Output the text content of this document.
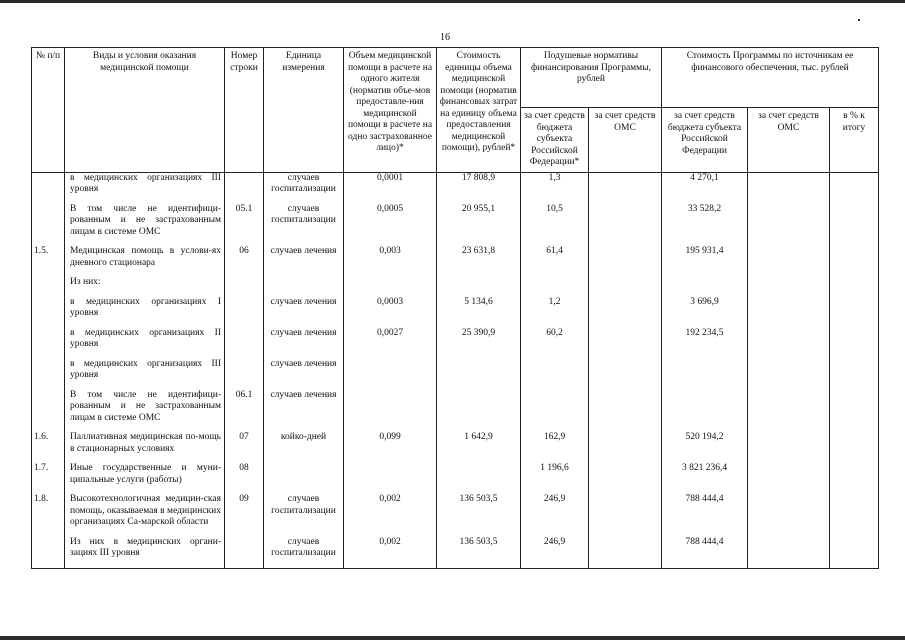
16
№ п/п	Виды и условия оказания медицинской помощи	Номер строки	Единица измерения	Объем медицинской помощи в расчете на одного жителя (норматив объе-мов предоставле-ния медицинской помощи в расчете на одно застрахованное лицо)*	Стоимость единицы объема медицинской помощи (норматив финансовых затрат на единицу объема предоставления медицинской помощи), рублей*	Подушевые нормативы финансирования Программы, рублей		Стоимость Программы по источникам ее финансового обеспечения, тыс. рублей		
						за счет средств бюджета субъекта Российской Федерации*	за счет средств ОМС	за счет средств бюджета субъекта Российской Федерации	за счет средств ОМС	в % к итогу
	в медицинских организациях III уровня		случаев госпитализации	0,0001	17 808,9	1,3		4 270,1		
	В том числе не идентифици-рованным и не застрахованным лицам в системе ОМС	05.1	случаев госпитализации	0,0005	20 955,1	10,5		33 528,2		
1.5.	Медицинская помощь в услови-ях дневного стационара	06	случаев лечения	0,003	23 631,8	61,4		195 931,4		
	Из них:									
	в медицинских организациях I уровня		случаев лечения	0,0003	5 134,6	1,2		3 696,9		
	в медицинских организациях II уровня		случаев лечения	0,0027	25 390,9	60,2		192 234,5		
	в медицинских организациях III уровня		случаев лечения							
	В том числе не идентифици-рованным и не застрахованным лицам в системе ОМС	06.1	случаев лечения							
1.6.	Паллиативная медицинская по-мощь в стационарных условиях	07	койко-дней	0,099	1 642,9	162,9		520 194,2		
1.7.	Иные государственные и муни-ципальные услуги (работы)	08				1 196,6		3 821 236,4		
1.8.	Высокотехнологичная медицин-ская помощь, оказываемая в медицинских организациях Са-марской области	09	случаев госпитализации	0,002	136 503,5	246,9		788 444,4		
	Из них в медицинских органи-зациях III уровня		случаев госпитализации	0,002	136 503,5	246,9		788 444,4		
